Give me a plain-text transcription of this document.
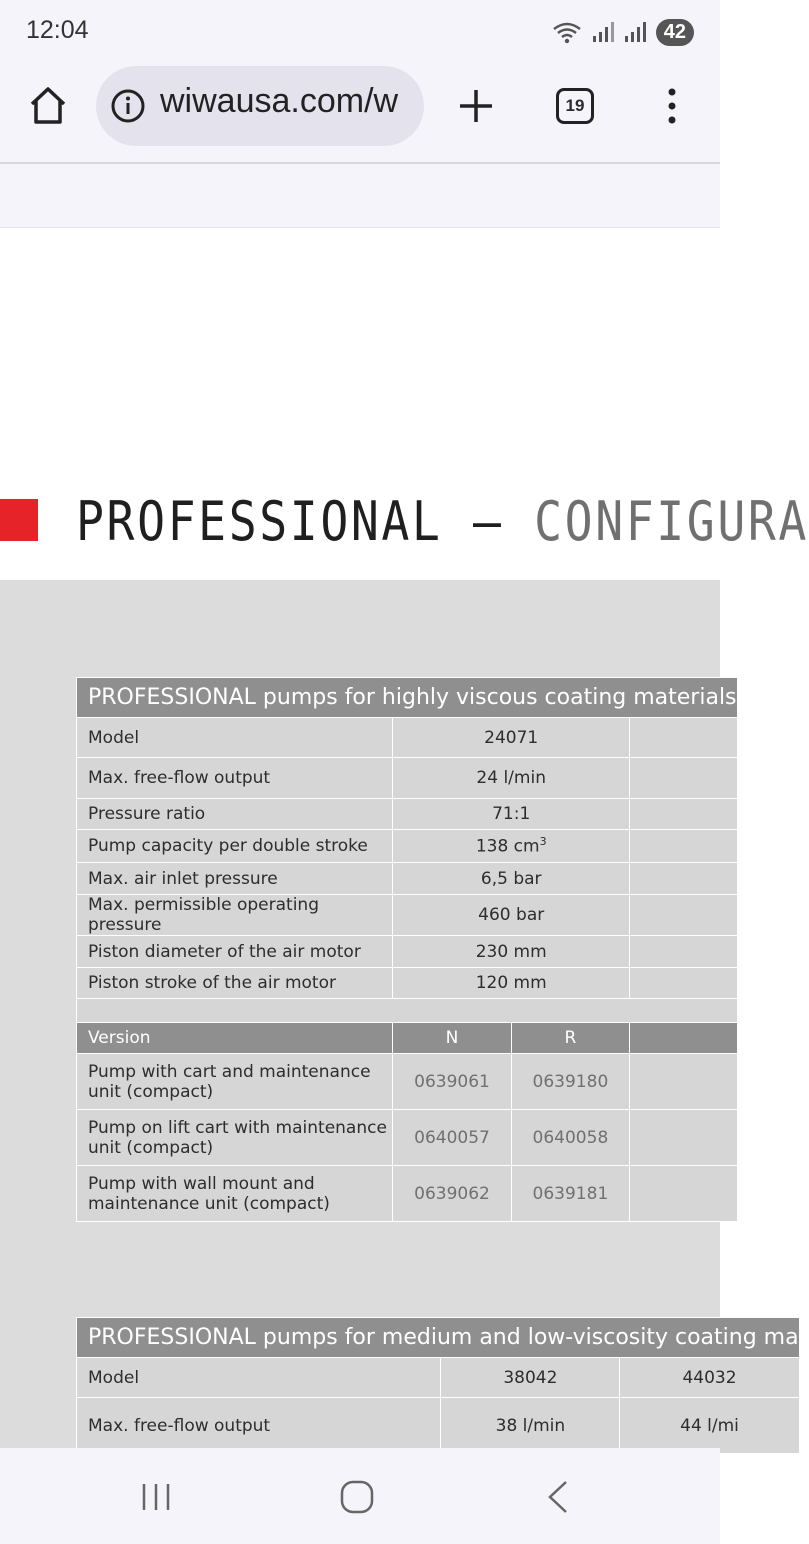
12:04	42
wiwausa.com/w	19
PROFESSIONAL – CONFIGURA
PROFESSIONAL pumps for highly viscous coating materials			
Model	24071		
Max. free-flow output	24 l/min		
Pressure ratio	71:1		
Pump capacity per double stroke	138 $cm^3$	
Max. air inlet pressure	6,5 bar		
Max. permissible operating pressure	460 bar		
Piston diameter of the air motor	230 mm		
Piston stroke of the air motor	120 mm		

Version	N	R	
Pump with cart and maintenance unit (compact)	0639061	0639180	
Pump on lift cart with maintenance unit (compact)	0640057	0640058	
Pump with wall mount and maintenance unit (compact)	0639062	0639181	
PROFESSIONAL pumps for medium and low-viscosity coating ma		
Model	38042	44032
Max. free-flow output	38 l/min	44 l/mi
